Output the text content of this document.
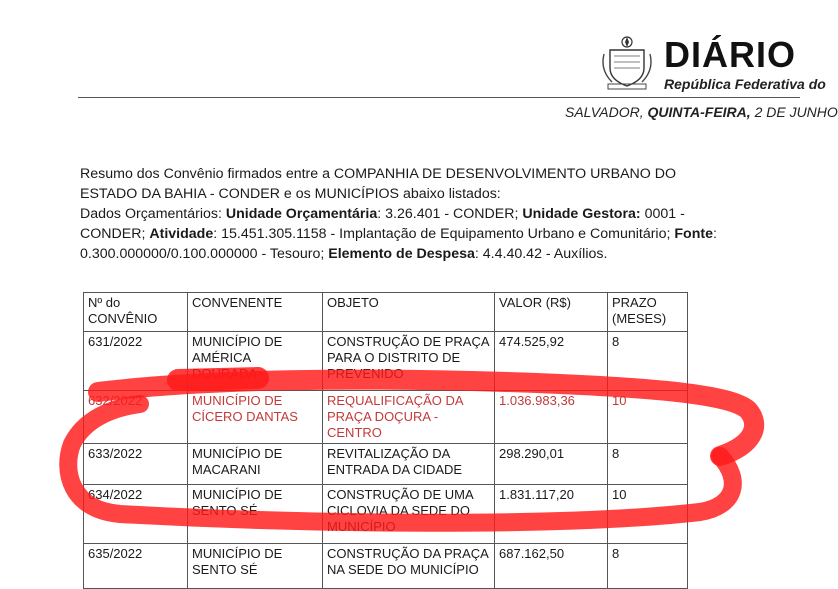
DIÁRIO
República Federativa do
SALVADOR, QUINTA-FEIRA, 2 DE JUNHO

Resumo dos Convênio firmados entre a COMPANHIA DE DESENVOLVIMENTO URBANO DO ESTADO DA BAHIA - CONDER e os MUNICÍPIOS abaixo listados:

Dados Orçamentários: Unidade Orçamentária: 3.26.401 - CONDER; Unidade Gestora: 0001 - CONDER; Atividade: 15.451.305.1158 - Implantação de Equipamento Urbano e Comunitário; Fonte: 0.300.000000/0.100.000000 - Tesouro; Elemento de Despesa: 4.4.40.42 - Auxílios.

Nº do CONVÊNIO	CONVENENTE	OBJETO	VALOR (R$)	PRAZO (MESES)
631/2022	MUNICÍPIO DE AMÉRICA DOURADA	CONSTRUÇÃO DE PRAÇA PARA O DISTRITO DE PREVENIDO	474.525,92	8
632/2022	MUNICÍPIO DE CÍCERO DANTAS	REQUALIFICAÇÃO DA PRAÇA DOÇURA - CENTRO	1.036.983,36	10
633/2022	MUNICÍPIO DE MACARANI	REVITALIZAÇÃO DA ENTRADA DA CIDADE	298.290,01	8
634/2022	MUNICÍPIO DE SENTO SÉ	CONSTRUÇÃO DE UMA CICLOVIA DA SEDE DO MUNICÍPIO	1.831.117,20	10
635/2022	MUNICÍPIO DE SENTO SÉ	CONSTRUÇÃO DA PRAÇA NA SEDE DO MUNICÍPIO	687.162,50	8
